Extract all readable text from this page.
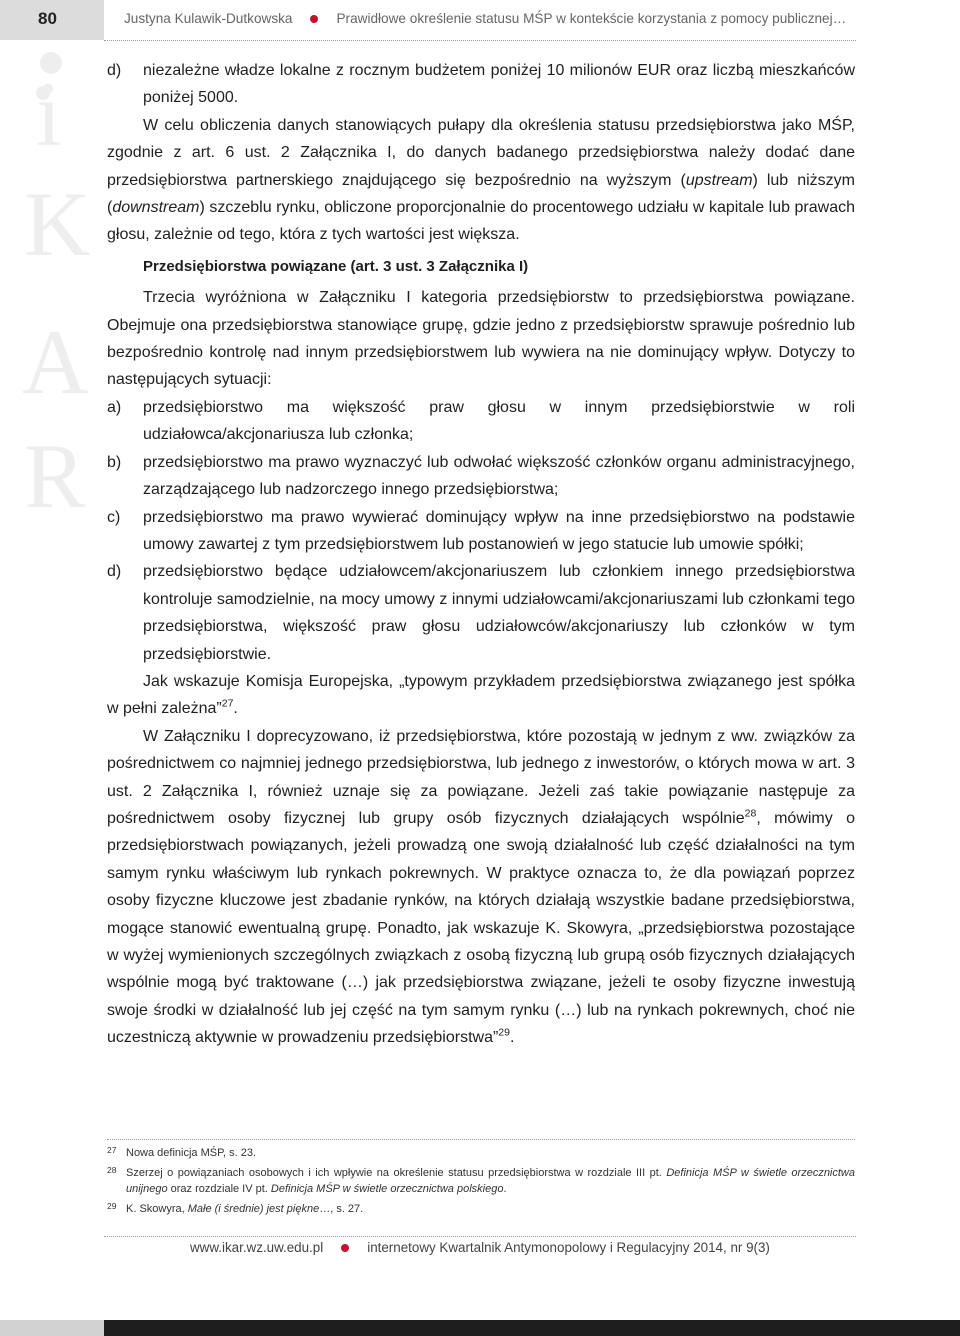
80
i
K
A
R
Justyna Kulawik-Dutkowska	Prawidłowe określenie statusu MŚP w kontekście korzystania z pomocy publicznej…
d) niezależne władze lokalne z rocznym budżetem poniżej 10 milionów EUR oraz liczbą mieszkańców poniżej 5000.
W celu obliczenia danych stanowiących pułapy dla określenia statusu przedsiębiorstwa jako MŚP, zgodnie z art. 6 ust. 2 Załącznika I, do danych badanego przedsiębiorstwa należy dodać dane przedsiębiorstwa partnerskiego znajdującego się bezpośrednio na wyższym (upstream) lub niższym (downstream) szczeblu rynku, obliczone proporcjonalnie do procentowego udziału w kapitale lub prawach głosu, zależnie od tego, która z tych wartości jest większa.
Przedsiębiorstwa powiązane (art. 3 ust. 3 Załącznika I)
Trzecia wyróżniona w Załączniku I kategoria przedsiębiorstw to przedsiębiorstwa powiązane. Obejmuje ona przedsiębiorstwa stanowiące grupę, gdzie jedno z przedsiębiorstw sprawuje pośrednio lub bezpośrednio kontrolę nad innym przedsiębiorstwem lub wywiera na nie dominujący wpływ. Dotyczy to następujących sytuacji:
a) przedsiębiorstwo ma większość praw głosu w innym przedsiębiorstwie w roli udziałowca/akcjonariusza lub członka;
b) przedsiębiorstwo ma prawo wyznaczyć lub odwołać większość członków organu administracyjnego, zarządzającego lub nadzorczego innego przedsiębiorstwa;
c) przedsiębiorstwo ma prawo wywierać dominujący wpływ na inne przedsiębiorstwo na podstawie umowy zawartej z tym przedsiębiorstwem lub postanowień w jego statucie lub umowie spółki;
d) przedsiębiorstwo będące udziałowcem/akcjonariuszem lub członkiem innego przedsiębiorstwa kontroluje samodzielnie, na mocy umowy z innymi udziałowcami/akcjonariuszami lub członkami tego przedsiębiorstwa, większość praw głosu udziałowców/akcjonariuszy lub członków w tym przedsiębiorstwie.
Jak wskazuje Komisja Europejska, „typowym przykładem przedsiębiorstwa związanego jest spółka w pełni zależna”$^{27}$.
W Załączniku I doprecyzowano, iż przedsiębiorstwa, które pozostają w jednym z ww. związków za pośrednictwem co najmniej jednego przedsiębiorstwa, lub jednego z inwestorów, o których mowa w art. 3 ust. 2 Załącznika I, również uznaje się za powiązane. Jeżeli zaś takie powiązanie następuje za pośrednictwem osoby fizycznej lub grupy osób fizycznych działających wspólnie$^{28}$, mówimy o przedsiębiorstwach powiązanych, jeżeli prowadzą one swoją działalność lub część działalności na tym samym rynku właściwym lub rynkach pokrewnych. W praktyce oznacza to, że dla powiązań poprzez osoby fizyczne kluczowe jest zbadanie rynków, na których działają wszystkie badane przedsiębiorstwa, mogące stanowić ewentualną grupę. Ponadto, jak wskazuje K. Skowyra, „przedsiębiorstwa pozostające w wyżej wymienionych szczególnych związkach z osobą fizyczną lub grupą osób fizycznych działających wspólnie mogą być traktowane (…) jak przedsiębiorstwa związane, jeżeli te osoby fizyczne inwestują swoje środki w działalność lub jej część na tym samym rynku (…) lub na rynkach pokrewnych, choć nie uczestniczą aktywnie w prowadzeniu przedsiębiorstwa”$^{29}$.
27 Nowa definicja MŚP, s. 23.
28 Szerzej o powiązaniach osobowych i ich wpływie na określenie statusu przedsiębiorstwa w rozdziale III pt. Definicja MŚP w świetle orzecznictwa unijnego oraz rozdziale IV pt. Definicja MŚP w świetle orzecznictwa polskiego.
29 K. Skowyra, Małe (i średnie) jest piękne…, s. 27.
www.ikar.wz.uw.edu.pl	internetowy Kwartalnik Antymonopolowy i Regulacyjny 2014, nr 9(3)
